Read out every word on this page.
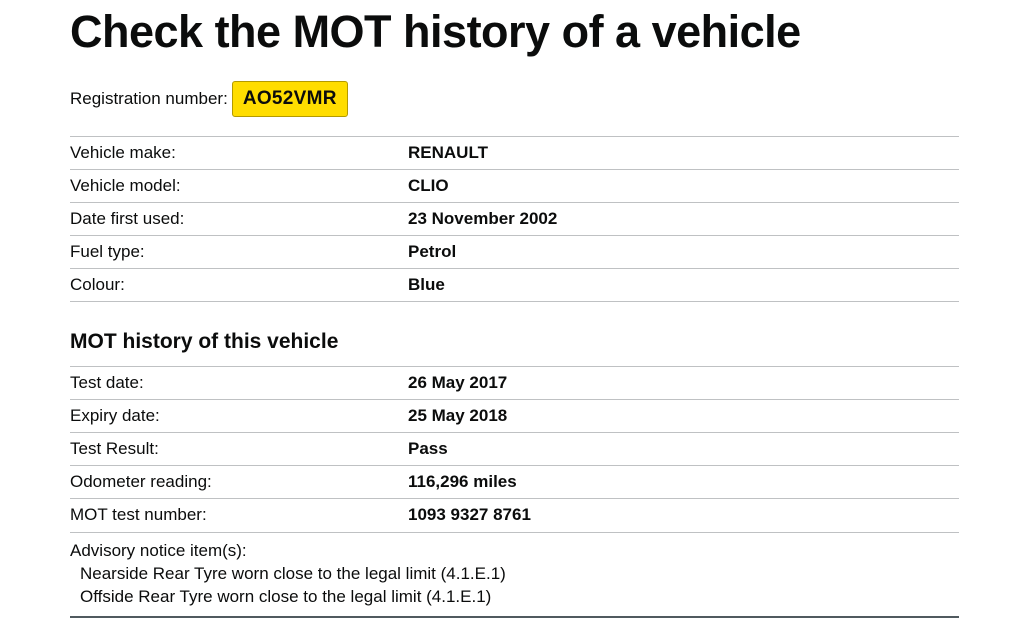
Check the MOT history of a vehicle
Registration number: AO52VMR
Vehicle make:	RENAULT
Vehicle model:	CLIO
Date first used:	23 November 2002
Fuel type:	Petrol
Colour:	Blue
MOT history of this vehicle
Test date:	26 May 2017
Expiry date:	25 May 2018
Test Result:	Pass
Odometer reading:	116,296 miles
MOT test number:	1093 9327 8761
Advisory notice item(s):
Nearside Rear Tyre worn close to the legal limit (4.1.E.1)
Offside Rear Tyre worn close to the legal limit (4.1.E.1)
